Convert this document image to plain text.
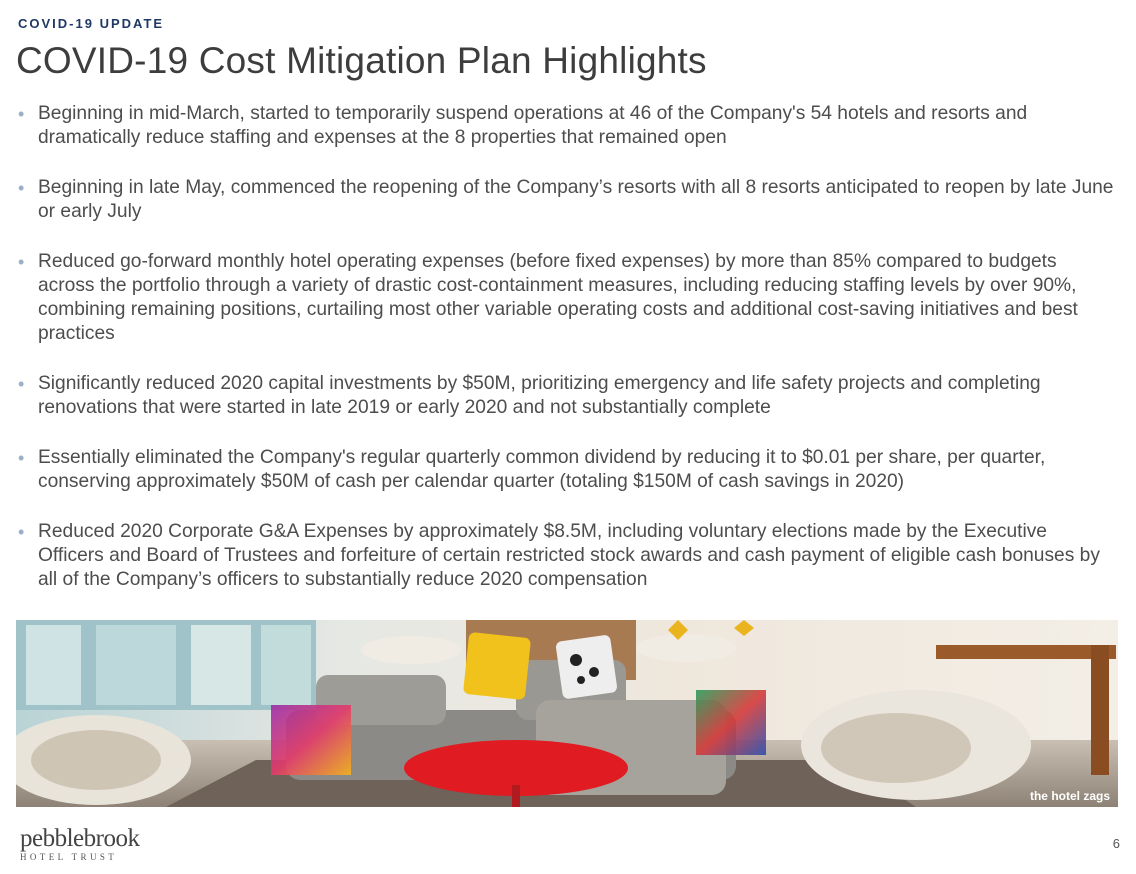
COVID-19 UPDATE
COVID-19 Cost Mitigation Plan Highlights
• Beginning in mid-March, started to temporarily suspend operations at 46 of the Company's 54 hotels and resorts and dramatically reduce staffing and expenses at the 8 properties that remained open
• Beginning in late May, commenced the reopening of the Company’s resorts with all 8 resorts anticipated to reopen by late June or early July
• Reduced go-forward monthly hotel operating expenses (before fixed expenses) by more than 85% compared to budgets across the portfolio through a variety of drastic cost-containment measures, including reducing staffing levels by over 90%, combining remaining positions, curtailing most other variable operating costs and additional cost-saving initiatives and best practices
• Significantly reduced 2020 capital investments by $50M, prioritizing emergency and life safety projects and completing renovations that were started in late 2019 or early 2020 and not substantially complete
• Essentially eliminated the Company's regular quarterly common dividend by reducing it to $0.01 per share, per quarter, conserving approximately $50M of cash per calendar quarter (totaling $150M of cash savings in 2020)
• Reduced 2020 Corporate G&A Expenses by approximately $8.5M, including voluntary elections made by the Executive Officers and Board of Trustees and forfeiture of certain restricted stock awards and cash payment of eligible cash bonuses by all of the Company’s officers to substantially reduce 2020 compensation
the hotel zags
pebblebrook
HOTEL TRUST
6
